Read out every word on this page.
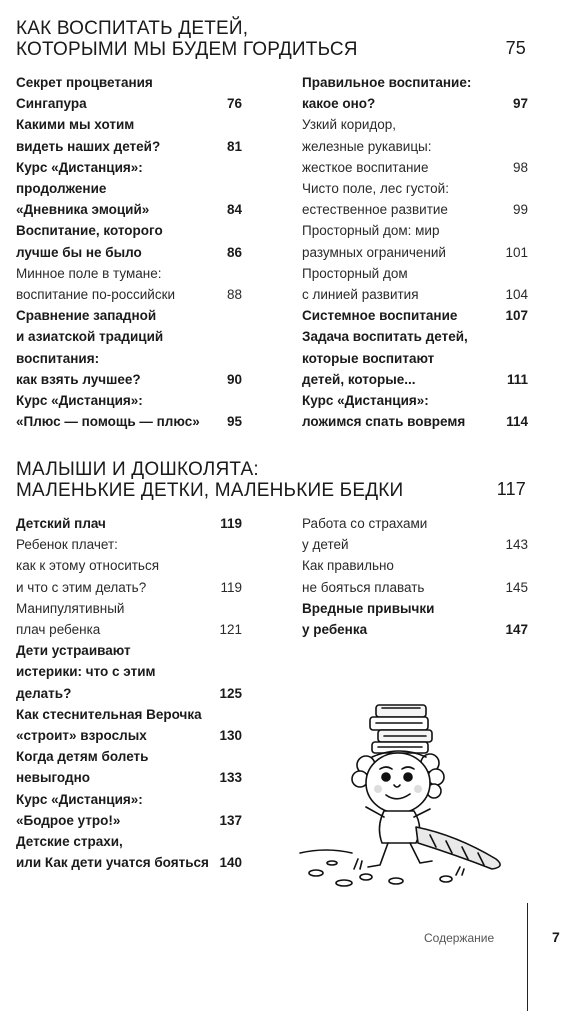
КАК ВОСПИТАТЬ ДЕТЕЙ,
КОТОРЫМИ МЫ БУДЕМ ГОРДИТЬСЯ	75
Секрет процветания
Сингапура	76
Какими мы хотим
видеть наших детей?	81
Курс «Дистанция»:
продолжение
«Дневника эмоций»	84
Воспитание, которого
лучше бы не было	86
Минное поле в тумане:
воспитание по-российски	88
Сравнение западной
и азиатской традиций
воспитания:
как взять лучшее?	90
Курс «Дистанция»:
«Плюс — помощь — плюс»	95
Правильное воспитание:
какое оно?	97
Узкий коридор,
железные рукавицы:
жесткое воспитание	98
Чисто поле, лес густой:
естественное развитие	99
Просторный дом: мир
разумных ограничений	101
Просторный дом
с линией развития	104
Системное воспитание	107
Задача воспитать детей,
которые воспитают
детей, которые...	111
Курс «Дистанция»:
ложимся спать вовремя	114
МАЛЫШИ И ДОШКОЛЯТА:
МАЛЕНЬКИЕ ДЕТКИ, МАЛЕНЬКИЕ БЕДКИ	117
Детский плач	119
Ребенок плачет:
как к этому относиться
и что с этим делать?	119
Манипулятивный
плач ребенка	121
Дети устраивают
истерики: что с этим
делать?	125
Как стеснительная Верочка
«строит» взрослых	130
Когда детям болеть
невыгодно	133
Курс «Дистанция»:
«Бодрое утро!»	137
Детские страхи,
или Как дети учатся бояться 140
Работа со страхами
у детей	143
Как правильно
не бояться плавать	145
Вредные привычки
у ребенка	147
Содержание	7
